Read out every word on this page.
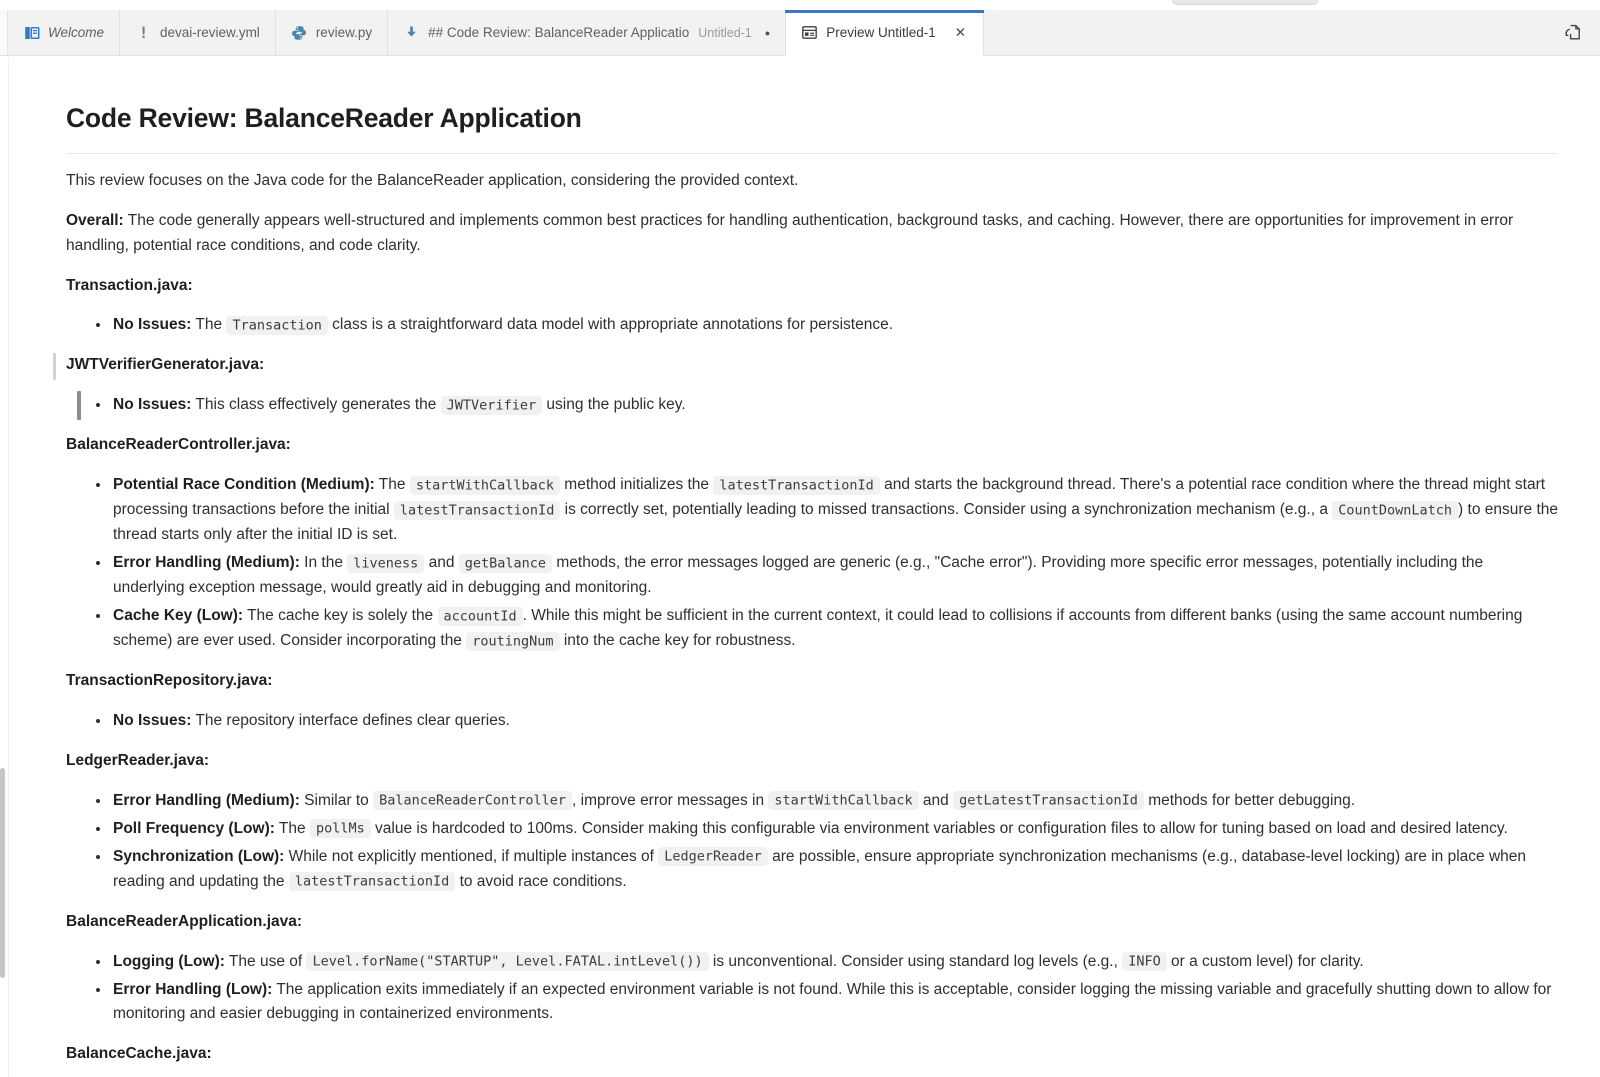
Welcome ! devai-review.yml	review.py	## Code Review: BalanceReader Applicatio Untitled-1 ●	Preview Untitled-1 ✕
Code Review: BalanceReader Application

This review focuses on the Java code for the BalanceReader application, considering the provided context.

Overall: The code generally appears well-structured and implements common best practices for handling authentication, background tasks, and caching. However, there are opportunities for improvement in error handling, potential race conditions, and code clarity.

Transaction.java:

• No Issues: The Transaction class is a straightforward data model with appropriate annotations for persistence.

JWTVerifierGenerator.java:

• No Issues: This class effectively generates the JWTVerifier using the public key.

BalanceReaderController.java:

• Potential Race Condition (Medium): The startWithCallback method initializes the latestTransactionId and starts the background thread. There's a potential race condition where the thread might start processing transactions before the initial latestTransactionId is correctly set, potentially leading to missed transactions. Consider using a synchronization mechanism (e.g., a CountDownLatch ) to ensure the thread starts only after the initial ID is set.
• Error Handling (Medium): In the liveness and getBalance methods, the error messages logged are generic (e.g., "Cache error"). Providing more specific error messages, potentially including the underlying exception message, would greatly aid in debugging and monitoring.
• Cache Key (Low): The cache key is solely the accountId . While this might be sufficient in the current context, it could lead to collisions if accounts from different banks (using the same account numbering scheme) are ever used. Consider incorporating the routingNum into the cache key for robustness.

TransactionRepository.java:

• No Issues: The repository interface defines clear queries.

LedgerReader.java:

• Error Handling (Medium): Similar to BalanceReaderController , improve error messages in startWithCallback and getLatestTransactionId methods for better debugging.
• Poll Frequency (Low): The pollMs value is hardcoded to 100ms. Consider making this configurable via environment variables or configuration files to allow for tuning based on load and desired latency.
• Synchronization (Low): While not explicitly mentioned, if multiple instances of LedgerReader are possible, ensure appropriate synchronization mechanisms (e.g., database-level locking) are in place when reading and updating the latestTransactionId to avoid race conditions.

BalanceReaderApplication.java:

• Logging (Low): The use of Level.forName("STARTUP", Level.FATAL.intLevel()) is unconventional. Consider using standard log levels (e.g., INFO or a custom level) for clarity.
• Error Handling (Low): The application exits immediately if an expected environment variable is not found. While this is acceptable, consider logging the missing variable and gracefully shutting down to allow for monitoring and easier debugging in containerized environments.

BalanceCache.java:
